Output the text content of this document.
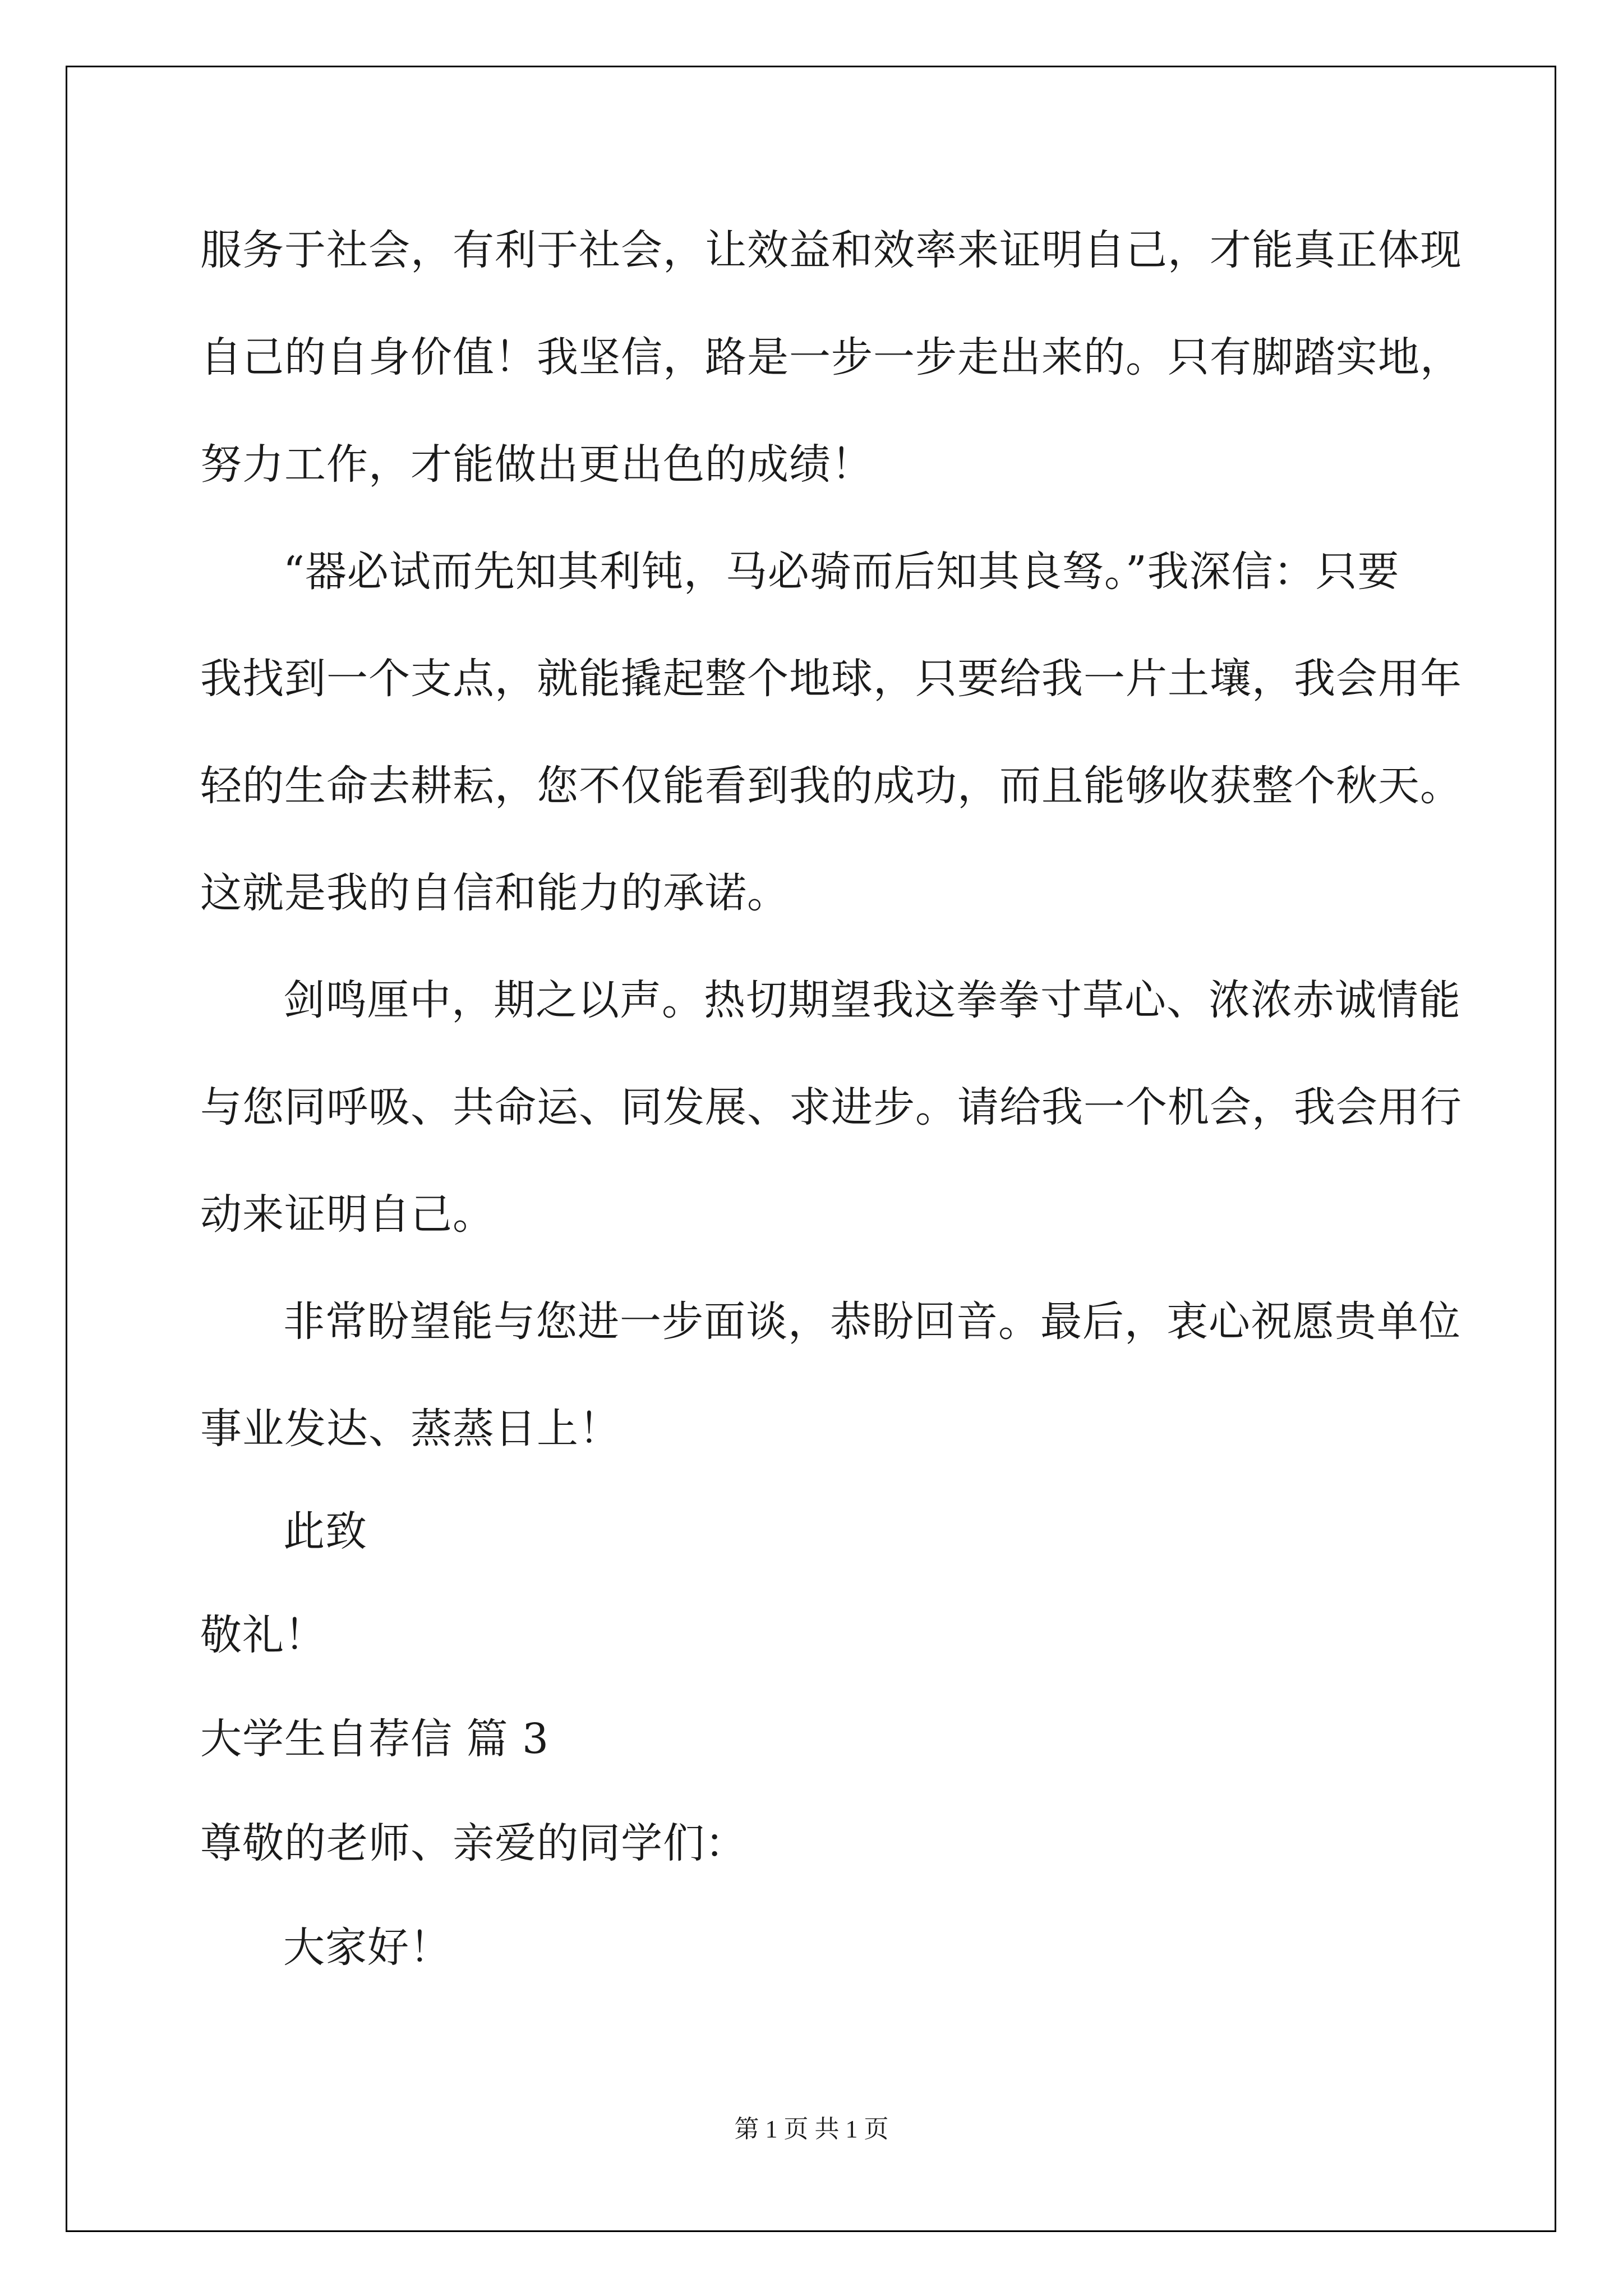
服务于社会，有利于社会，让效益和效率来证明自己，才能真正体现

自己的自身价值！我坚信，路是一步一步走出来的。只有脚踏实地，

努力工作，才能做出更出色的成绩！

“器必试而先知其利钝，马必骑而后知其良驽。”我深信：只要

我找到一个支点，就能撬起整个地球，只要给我一片土壤，我会用年

轻的生命去耕耘，您不仅能看到我的成功，而且能够收获整个秋天。

这就是我的自信和能力的承诺。

剑鸣厘中，期之以声。热切期望我这拳拳寸草心、浓浓赤诚情能

与您同呼吸、共命运、同发展、求进步。请给我一个机会，我会用行

动来证明自己。

非常盼望能与您进一步面谈，恭盼回音。最后，衷心祝愿贵单位

事业发达、蒸蒸日上！

此致

敬礼！

大学生自荐信 篇 3

尊敬的老师、亲爱的同学们：

大家好！

第 1 页 共 1 页
